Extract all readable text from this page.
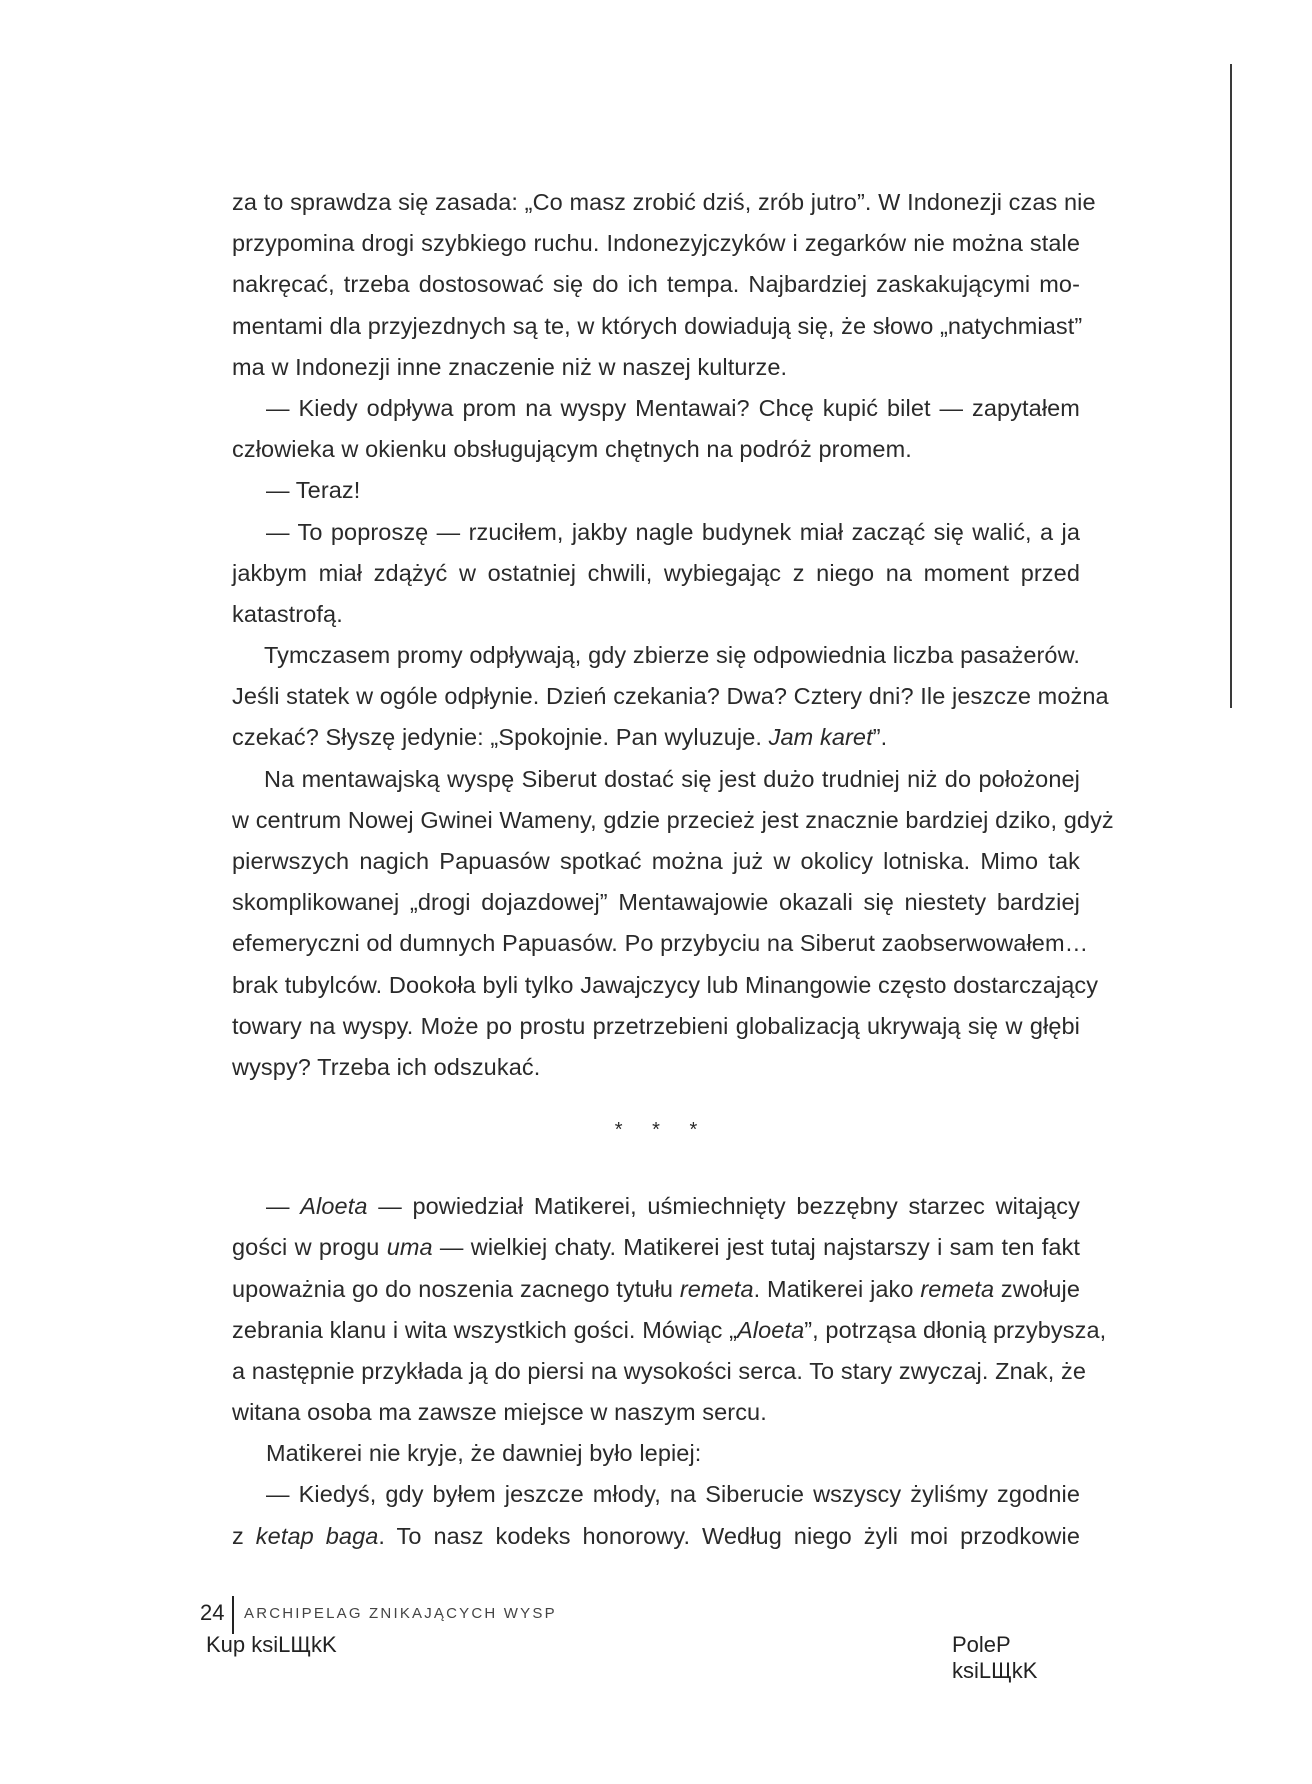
za to sprawdza się zasada: „Co masz zrobić dziś, zrób jutro”. W Indonezji czas nie
przypomina drogi szybkiego ruchu. Indonezyjczyków i zegarków nie można stale
nakręcać, trzeba dostosować się do ich tempa. Najbardziej zaskakującymi mo-
mentami dla przyjezdnych są te, w których dowiadują się, że słowo „natychmiast”
ma w Indonezji inne znaczenie niż w naszej kulturze.
— Kiedy odpływa prom na wyspy Mentawai? Chcę kupić bilet — zapytałem
człowieka w okienku obsługującym chętnych na podróż promem.
— Teraz!
— To poproszę — rzuciłem, jakby nagle budynek miał zacząć się walić, a ja
jakbym miał zdążyć w ostatniej chwili, wybiegając z niego na moment przed
katastrofą.
Tymczasem promy odpływają, gdy zbierze się odpowiednia liczba pasażerów.
Jeśli statek w ogóle odpłynie. Dzień czekania? Dwa? Cztery dni? Ile jeszcze można
czekać? Słyszę jedynie: „Spokojnie. Pan wyluzuje. Jam karet”.
Na mentawajską wyspę Siberut dostać się jest dużo trudniej niż do położonej
w centrum Nowej Gwinei Wameny, gdzie przecież jest znacznie bardziej dziko, gdyż
pierwszych nagich Papuasów spotkać można już w okolicy lotniska. Mimo tak
skomplikowanej „drogi dojazdowej” Mentawajowie okazali się niestety bardziej
efemeryczni od dumnych Papuasów. Po przybyciu na Siberut zaobserwowałem…
brak tubylców. Dookoła byli tylko Jawajczycy lub Minangowie często dostarczający
towary na wyspy. Może po prostu przetrzebieni globalizacją ukrywają się w głębi
wyspy? Trzeba ich odszukać.
* * *
— Aloeta — powiedział Matikerei, uśmiechnięty bezzębny starzec witający
gości w progu uma — wielkiej chaty. Matikerei jest tutaj najstarszy i sam ten fakt
upoważnia go do noszenia zacnego tytułu remeta. Matikerei jako remeta zwołuje
zebrania klanu i wita wszystkich gości. Mówiąc „Aloeta”, potrząsa dłonią przybysza,
a następnie przykłada ją do piersi na wysokości serca. To stary zwyczaj. Znak, że
witana osoba ma zawsze miejsce w naszym sercu.
Matikerei nie kryje, że dawniej było lepiej:
— Kiedyś, gdy byłem jeszcze młody, na Siberucie wszyscy żyliśmy zgodnie
z ketap baga. To nasz kodeks honorowy. Według niego żyli moi przodkowie
24 ARCHIPELAG ZNIKAJĄCYCH WYSP
Kup ksiLЩkK	PoleP ksiLЩkK
